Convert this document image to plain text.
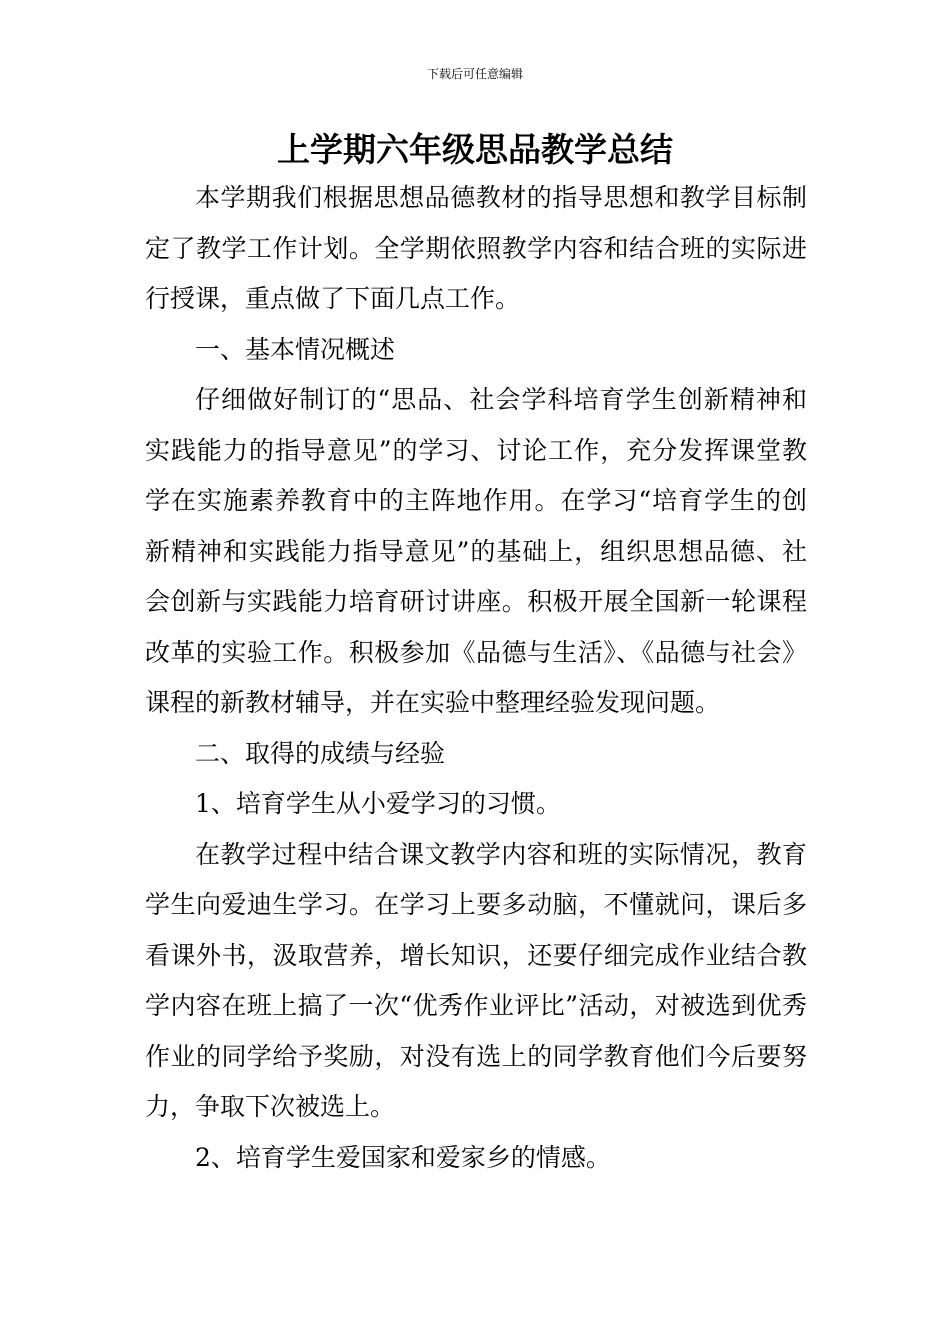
下载后可任意编辑
上学期六年级思品教学总结

本学期我们根据思想品德教材的指导思想和教学目标制定了教学工作计划。全学期依照教学内容和结合班的实际进行授课，重点做了下面几点工作。

一、基本情况概述

仔细做好制订的“思品、社会学科培育学生创新精神和实践能力的指导意见”的学习、讨论工作，充分发挥课堂教学在实施素养教育中的主阵地作用。在学习“培育学生的创新精神和实践能力指导意见”的基础上，组织思想品德、社会创新与实践能力培育研讨讲座。积极开展全国新一轮课程改革的实验工作。积极参加《品德与生活》、《品德与社会》课程的新教材辅导，并在实验中整理经验发现问题。

二、取得的成绩与经验

1、培育学生从小爱学习的习惯。

在教学过程中结合课文教学内容和班的实际情况，教育学生向爱迪生学习。在学习上要多动脑，不懂就问，课后多看课外书，汲取营养，增长知识，还要仔细完成作业结合教学内容在班上搞了一次“优秀作业评比”活动，对被选到优秀作业的同学给予奖励，对没有选上的同学教育他们今后要努力，争取下次被选上。

2、培育学生爱国家和爱家乡的情感。
